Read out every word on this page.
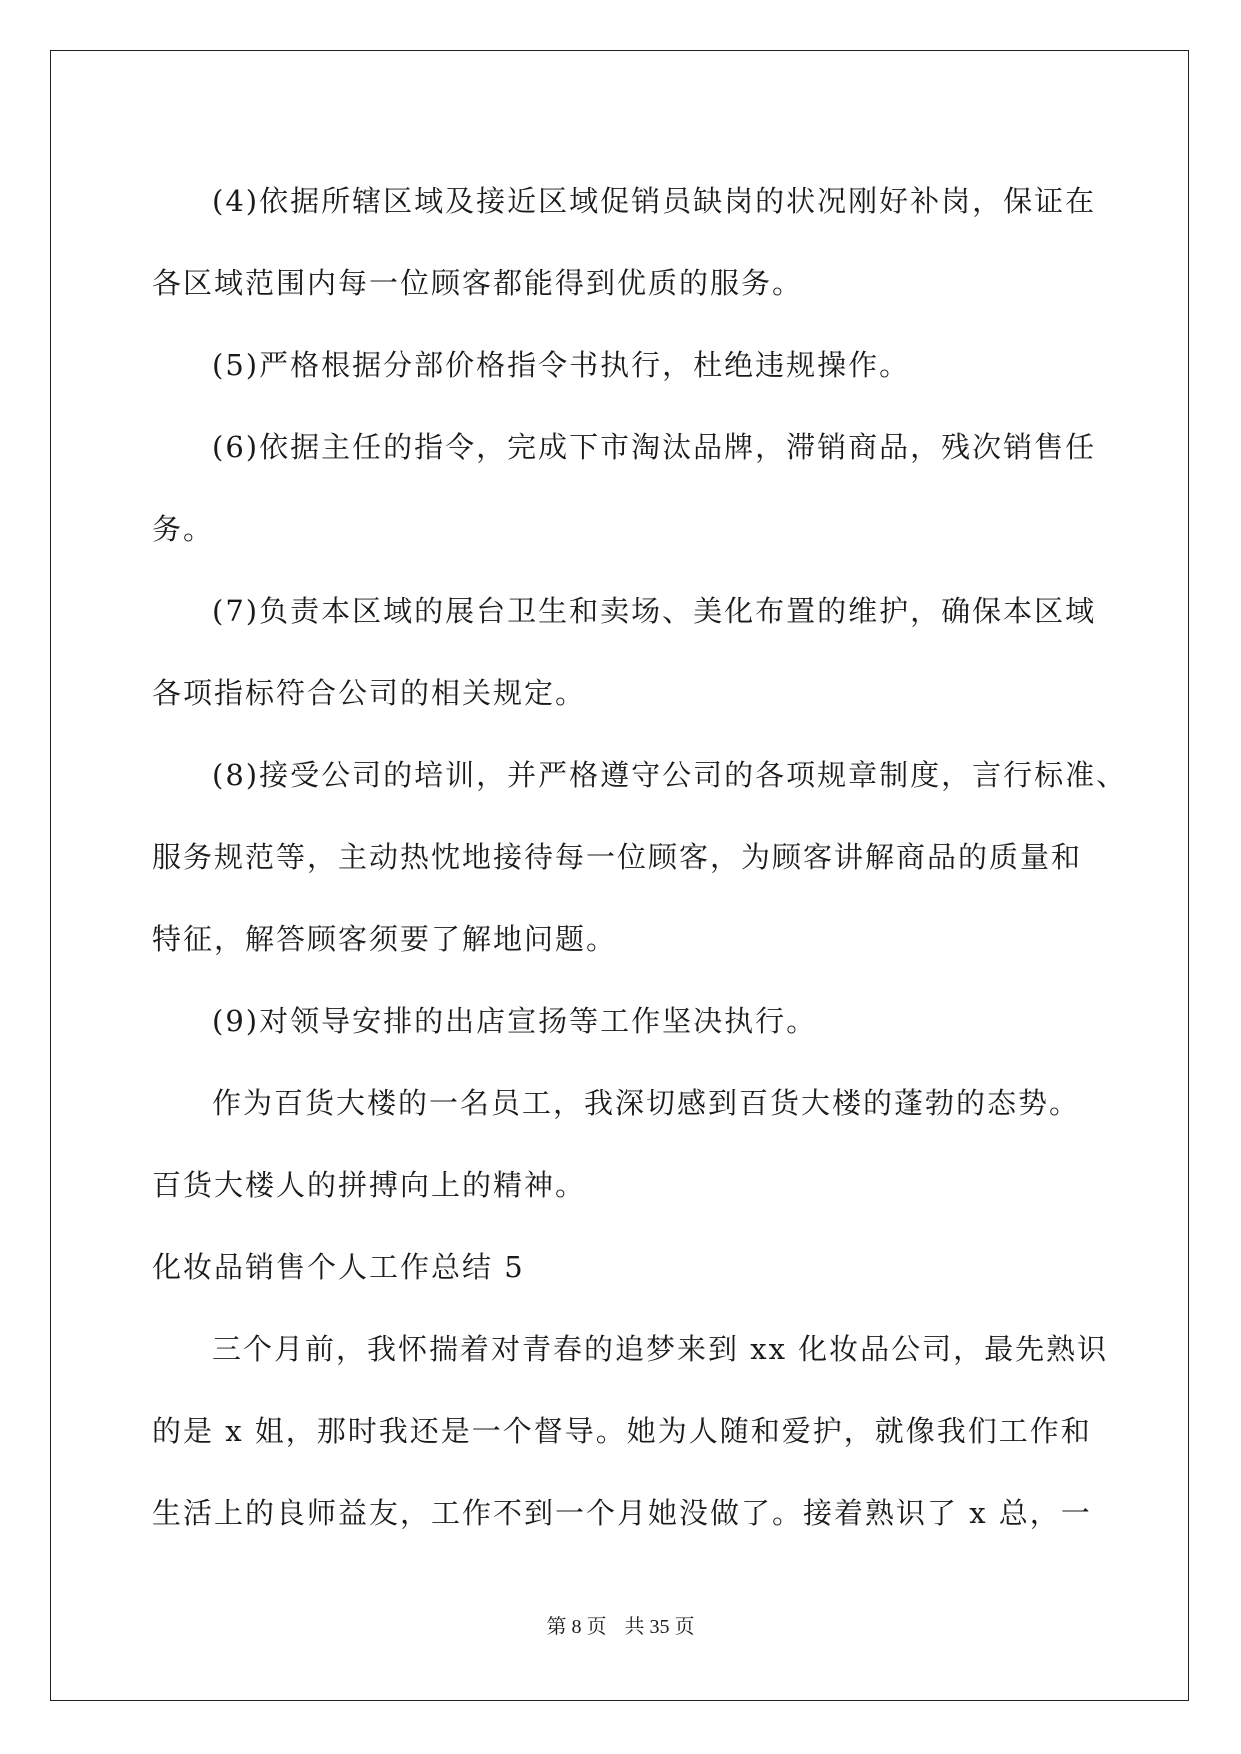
(4)依据所辖区域及接近区域促销员缺岗的状况刚好补岗，保证在
各区域范围内每一位顾客都能得到优质的服务。
(5)严格根据分部价格指令书执行，杜绝违规操作。
(6)依据主任的指令，完成下市淘汰品牌，滞销商品，残次销售任
务。
(7)负责本区域的展台卫生和卖场、美化布置的维护，确保本区域
各项指标符合公司的相关规定。
(8)接受公司的培训，并严格遵守公司的各项规章制度，言行标准、
服务规范等，主动热忱地接待每一位顾客，为顾客讲解商品的质量和
特征，解答顾客须要了解地问题。
(9)对领导安排的出店宣扬等工作坚决执行。
作为百货大楼的一名员工，我深切感到百货大楼的蓬勃的态势。
百货大楼人的拼搏向上的精神。
化妆品销售个人工作总结 5
三个月前，我怀揣着对青春的追梦来到 xx 化妆品公司，最先熟识
的是 x 姐，那时我还是一个督导。她为人随和爱护，就像我们工作和
生活上的良师益友，工作不到一个月她没做了。接着熟识了 x 总，一
第 8 页 共 35 页
